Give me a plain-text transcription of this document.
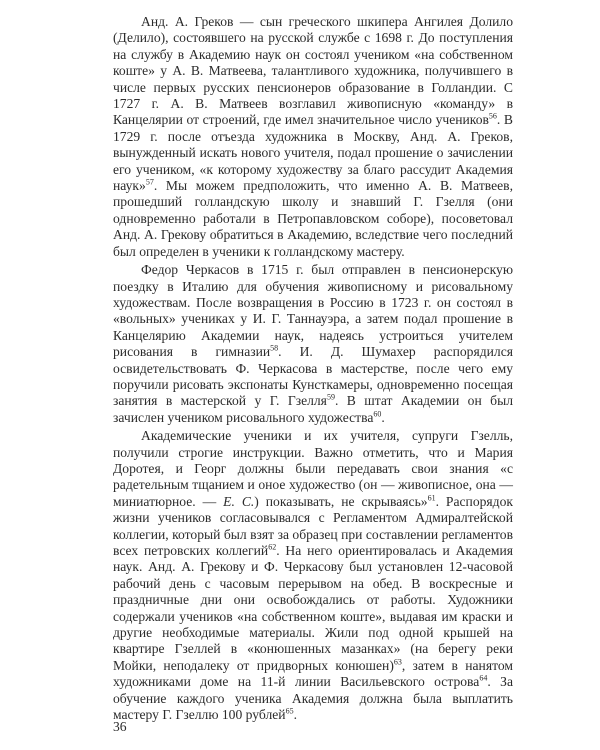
Анд. А. Греков — сын греческого шкипера Ангилея Долило (Делило), состоявшего на русской службе с 1698 г. До поступления на службу в Академию наук он состоял учеником «на собственном коште» у А. В. Матвеева, талантливого художника, получившего в числе первых русских пенсионеров образование в Голландии. С 1727 г. А. В. Матвеев возглавил живописную «команду» в Канцелярии от строений, где имел значительное число учеников$^{56}$. В 1729 г. после отъезда художника в Москву, Анд. А. Греков, вынужденный искать нового учителя, подал прошение о зачислении его учеником, «к которому художеству за благо рассудит Академия наук»$^{57}$. Мы можем предположить, что именно А. В. Матвеев, прошедший голландскую школу и знавший Г. Гзелля (они одновременно работали в Петропавловском соборе), посоветовал Анд. А. Грекову обратиться в Академию, вследствие чего последний был определен в ученики к голландскому мастеру.

Федор Черкасов в 1715 г. был отправлен в пенсионерскую поездку в Италию для обучения живописному и рисовальному художествам. После возвращения в Россию в 1723 г. он состоял в «вольных» учениках у И. Г. Таннауэра, а затем подал прошение в Канцелярию Академии наук, надеясь устроиться учителем рисования в гимназии$^{58}$. И. Д. Шумахер распорядился освидетельствовать Ф. Черкасова в мастерстве, после чего ему поручили рисовать экспонаты Кунсткамеры, одновременно посещая занятия в мастерской у Г. Гзелля$^{59}$. В штат Академии он был зачислен учеником рисовального художества$^{60}$.

Академические ученики и их учителя, супруги Гзелль, получили строгие инструкции. Важно отметить, что и Мария Доротея, и Георг должны были передавать свои знания «с радетельным тщанием и оное художество (он — живописное, она — миниатюрное. — Е. С.) показывать, не скрываясь»$^{61}$. Распорядок жизни учеников согласовывался с Регламентом Адмиралтейской коллегии, который был взят за образец при составлении регламентов всех петровских коллегий$^{62}$. На него ориентировалась и Академия наук. Анд. А. Грекову и Ф. Черкасову был установлен 12-часовой рабочий день с часовым перерывом на обед. В воскресные и праздничные дни они освобождались от работы. Художники содержали учеников «на собственном коште», выдавая им краски и другие необходимые материалы. Жили под одной крышей на квартире Гзеллей в «конюшенных мазанках» (на берегу реки Мойки, неподалеку от придворных конюшен)$^{63}$, затем в нанятом художниками доме на 11-й линии Васильевского острова$^{64}$. За обучение каждого ученика Академия должна была выплатить мастеру Г. Гзеллю 100 рублей$^{65}$.

36
